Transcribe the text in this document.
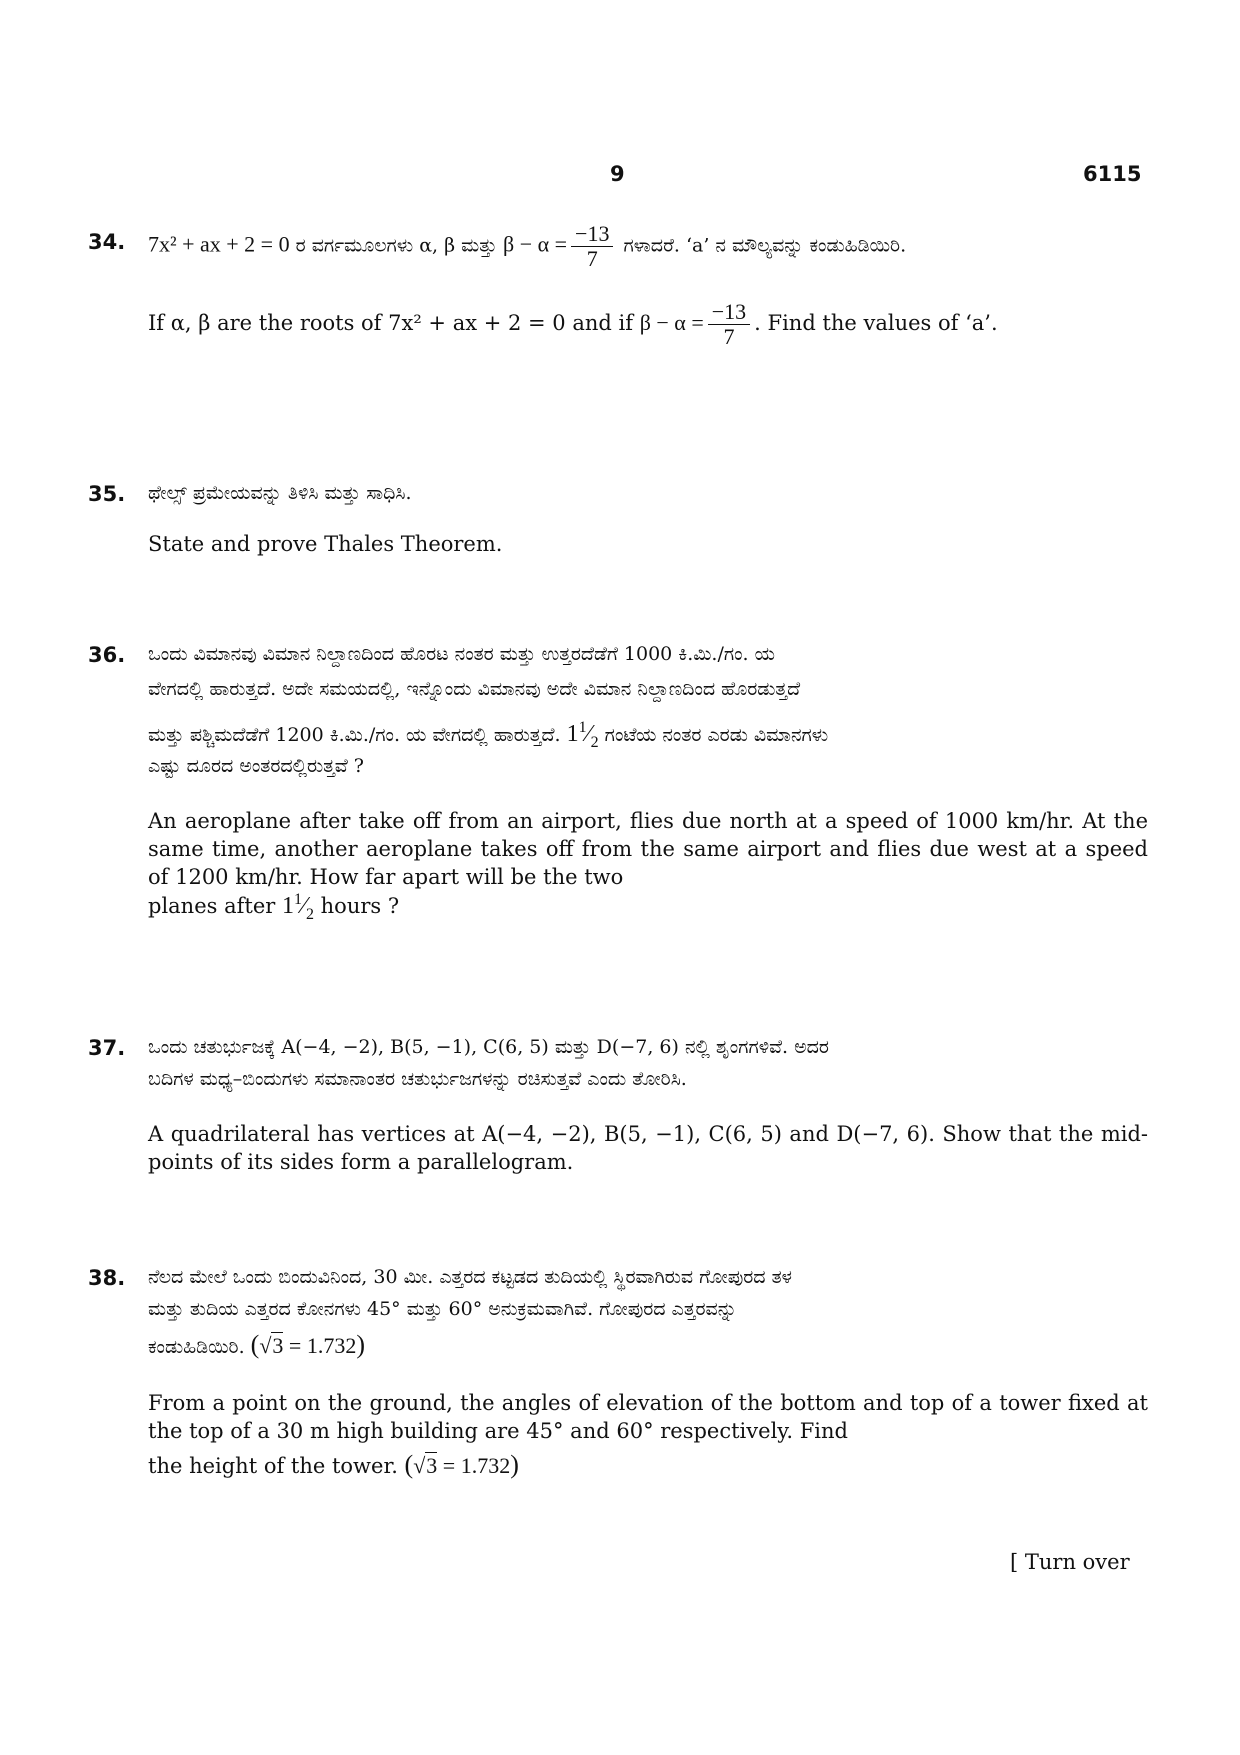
9	6115
34. 7x² + ax + 2 = 0 ರ ವರ್ಗಮೂಲಗಳು α, β ಮತ್ತು $\beta - \alpha = \frac{-13}{7}$ ಗಳಾದರೆ. ‘a’ ನ ಮೌಲ್ಯವನ್ನು ಕಂಡುಹಿಡಿಯಿರಿ.
If α, β are the roots of 7x² + ax + 2 = 0 and if $\beta - \alpha = \frac{-13}{7}$ . Find the values of ‘a’.
35. ಥೇಲ್ಸ್ ಪ್ರಮೇಯವನ್ನು ತಿಳಿಸಿ ಮತ್ತು ಸಾಧಿಸಿ.
State and prove Thales Theorem.
36. ಒಂದು ವಿಮಾನವು ವಿಮಾನ ನಿಲ್ದಾಣದಿಂದ ಹೊರಟ ನಂತರ ಮತ್ತು ಉತ್ತರದೆಡೆಗೆ 1000 ಕಿ.ಮಿ./ಗಂ. ಯ
ವೇಗದಲ್ಲಿ ಹಾರುತ್ತದೆ. ಅದೇ ಸಮಯದಲ್ಲಿ, ಇನ್ನೊಂದು ವಿಮಾನವು ಅದೇ ವಿಮಾನ ನಿಲ್ದಾಣದಿಂದ ಹೊರಡುತ್ತದೆ
ಮತ್ತು ಪಶ್ಚಿಮದೆಡೆಗೆ 1200 ಕಿ.ಮಿ./ಗಂ. ಯ ವೇಗದಲ್ಲಿ ಹಾರುತ್ತದೆ. $1^1⁄_2$ ಗಂಟೆಯ ನಂತರ ಎರಡು ವಿಮಾನಗಳು
ಎಷ್ಟು ದೂರದ ಅಂತರದಲ್ಲಿರುತ್ತವೆ ?
An aeroplane after take off from an airport, flies due north at a speed of 1000 km/hr. At the same time, another aeroplane takes off from the same airport and flies due west at a speed of 1200 km/hr. How far apart will be the two
planes after $1^1⁄_2$ hours ?
37. ಒಂದು ಚತುರ್ಭುಜಕ್ಕೆ A(−4, −2), B(5, −1), C(6, 5) ಮತ್ತು D(−7, 6) ನಲ್ಲಿ ಶೃಂಗಗಳಿವೆ. ಅದರ
ಬದಿಗಳ ಮಧ್ಯ–ಬಿಂದುಗಳು ಸಮಾನಾಂತರ ಚತುರ್ಭುಜಗಳನ್ನು ರಚಿಸುತ್ತವೆ ಎಂದು ತೋರಿಸಿ.
A quadrilateral has vertices at A(−4, −2), B(5, −1), C(6, 5) and D(−7, 6). Show that the mid-points of its sides form a parallelogram.
38. ನೆಲದ ಮೇಲೆ ಒಂದು ಬಿಂದುವಿನಿಂದ, 30 ಮೀ. ಎತ್ತರದ ಕಟ್ಟಡದ ತುದಿಯಲ್ಲಿ ಸ್ಥಿರವಾಗಿರುವ ಗೋಪುರದ ತಳ
ಮತ್ತು ತುದಿಯ ಎತ್ತರದ ಕೋನಗಳು 45° ಮತ್ತು 60° ಅನುಕ್ರಮವಾಗಿವೆ. ಗೋಪುರದ ಎತ್ತರವನ್ನು
ಕಂಡುಹಿಡಿಯಿರಿ. (√3 = 1.732)
From a point on the ground, the angles of elevation of the bottom and top of a tower fixed at the top of a 30 m high building are 45° and 60° respectively. Find
the height of the tower. (√3 = 1.732)
[ Turn over
